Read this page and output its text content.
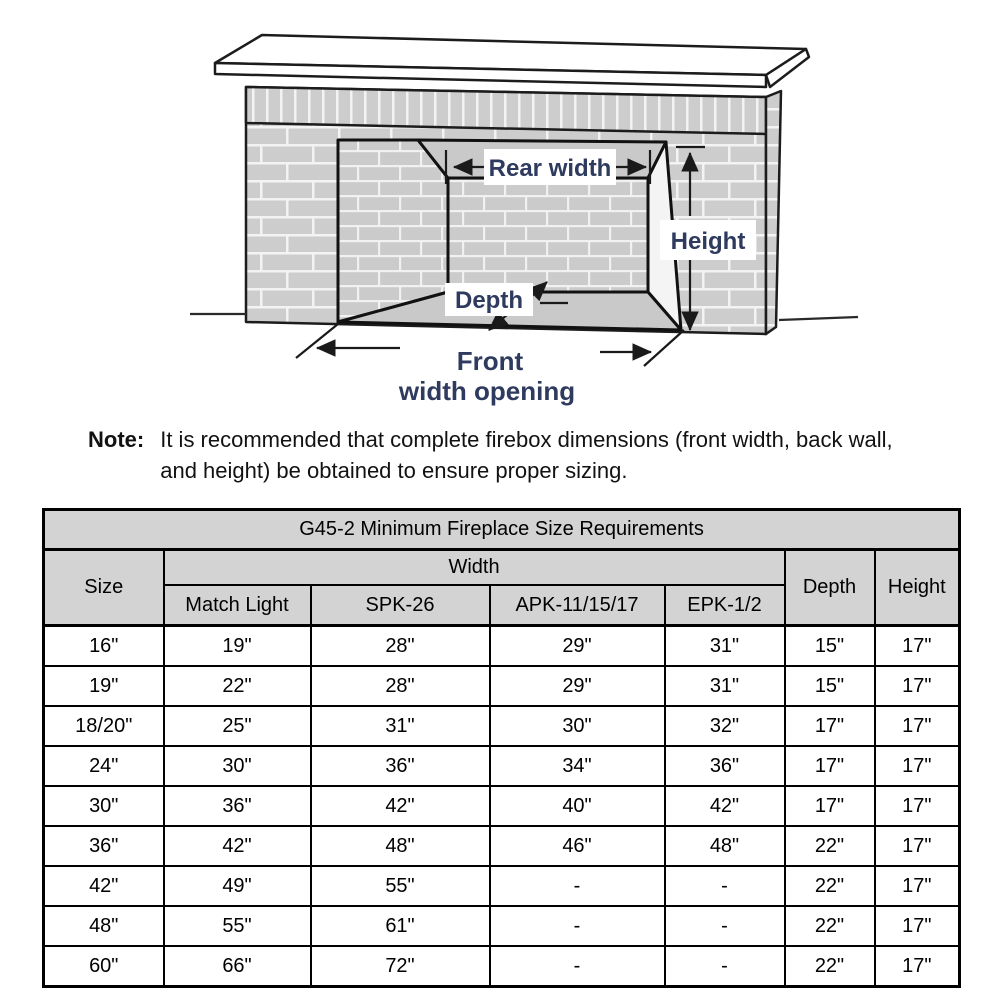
Rear width
Height
Depth
Front
width opening
Note: It is recommended that complete firebox dimensions (front width, back wall, and height) be obtained to ensure proper sizing.
G45-2 Minimum Fireplace Size Requirements						
Size	Width				Depth	Height
	Match Light	SPK-26	APK-11/15/17	EPK-1/2		
16"	19"	28"	29"	31"	15"	17"
19"	22"	28"	29"	31"	15"	17"
18/20"	25"	31"	30"	32"	17"	17"
24"	30"	36"	34"	36"	17"	17"
30"	36"	42"	40"	42"	17"	17"
36"	42"	48"	46"	48"	22"	17"
42"	49"	55"	-	-	22"	17"
48"	55"	61"	-	-	22"	17"
60"	66"	72"	-	-	22"	17"
